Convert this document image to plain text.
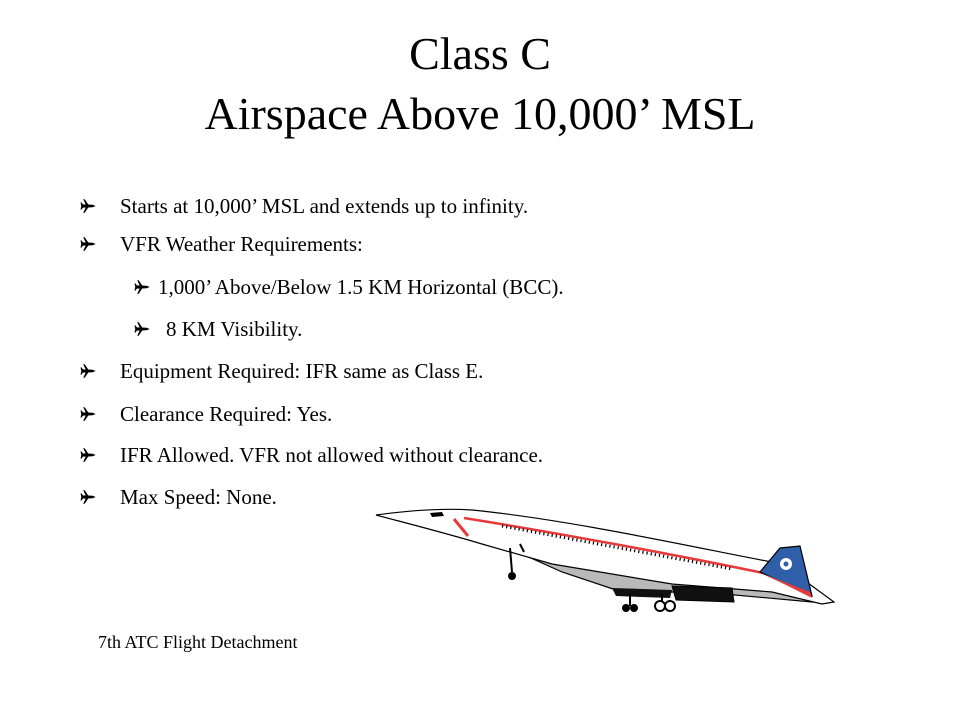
Class C
Airspace Above 10,000’ MSL
Starts at 10,000’ MSL and extends up to infinity.
VFR Weather Requirements:
1,000’ Above/Below 1.5 KM Horizontal (BCC).
8 KM Visibility.
Equipment Required: IFR same as Class E.
Clearance Required: Yes.
IFR Allowed. VFR not allowed without clearance.
Max Speed: None.
7th ATC Flight Detachment
